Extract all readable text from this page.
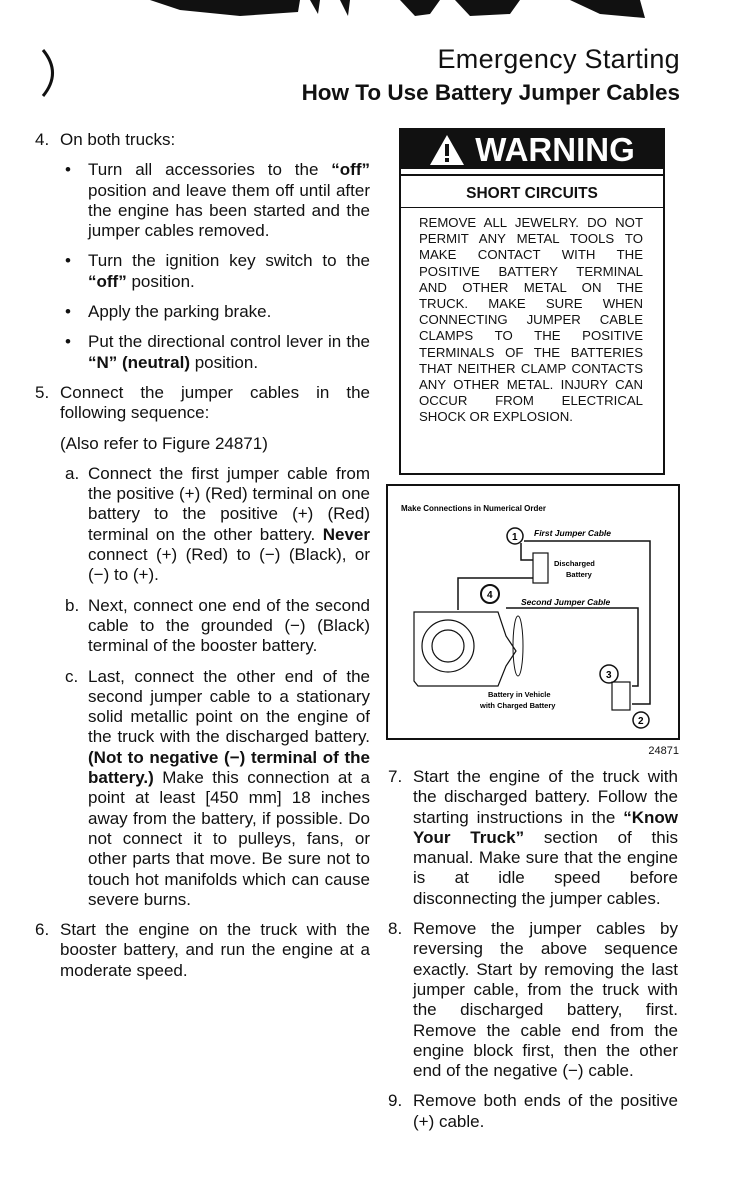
Emergency Starting
How To Use Battery Jumper Cables
4. On both trucks:
• Turn all accessories to the “off” position and leave them off until after the engine has been started and the jumper cables removed.
• Turn the ignition key switch to the “off” position.
• Apply the parking brake.
• Put the directional control lever in the “N” (neutral) position.
5. Connect the jumper cables in the following sequence:
(Also refer to Figure 24871)
a. Connect the first jumper cable from the positive (+) (Red) terminal on one battery to the positive (+) (Red) terminal on the other battery. Never connect (+) (Red) to (−) (Black), or (−) to (+).
b. Next, connect one end of the second cable to the grounded (−) (Black) terminal of the booster battery.
c. Last, connect the other end of the second jumper cable to a stationary solid metallic point on the engine of the truck with the discharged battery. (Not to negative (−) terminal of the battery.) Make this connection at a point at least [450 mm] 18 inches away from the battery, if possible. Do not connect it to pulleys, fans, or other parts that move. Be sure not to touch hot manifolds which can cause severe burns.
6. Start the engine on the truck with the booster battery, and run the engine at a moderate speed.
7. Start the engine of the truck with the discharged battery. Follow the starting instructions in the “Know Your Truck” section of this manual. Make sure that the engine is at idle speed before disconnecting the jumper cables.
8. Remove the jumper cables by reversing the above sequence exactly. Start by removing the last jumper cable, from the truck with the discharged battery, first. Remove the cable end from the engine block first, then the other end of the negative (−) cable.
9. Remove both ends of the positive (+) cable.
WARNING
SHORT CIRCUITS
REMOVE ALL JEWELRY. DO NOT PERMIT ANY METAL TOOLS TO MAKE CONTACT WITH THE POSITIVE BATTERY TERMINAL AND OTHER METAL ON THE TRUCK. MAKE SURE WHEN CONNECTING JUMPER CABLE CLAMPS TO THE POSITIVE TERMINALS OF THE BATTERIES THAT NEITHER CLAMP CONTACTS ANY OTHER METAL. INJURY CAN OCCUR FROM ELECTRICAL SHOCK OR EXPLOSION.
Make Connections in Numerical Order
1 First Jumper Cable
Discharged
Battery
4
Second Jumper Cable
3
Battery in Vehicle
with Charged Battery
2
24871
